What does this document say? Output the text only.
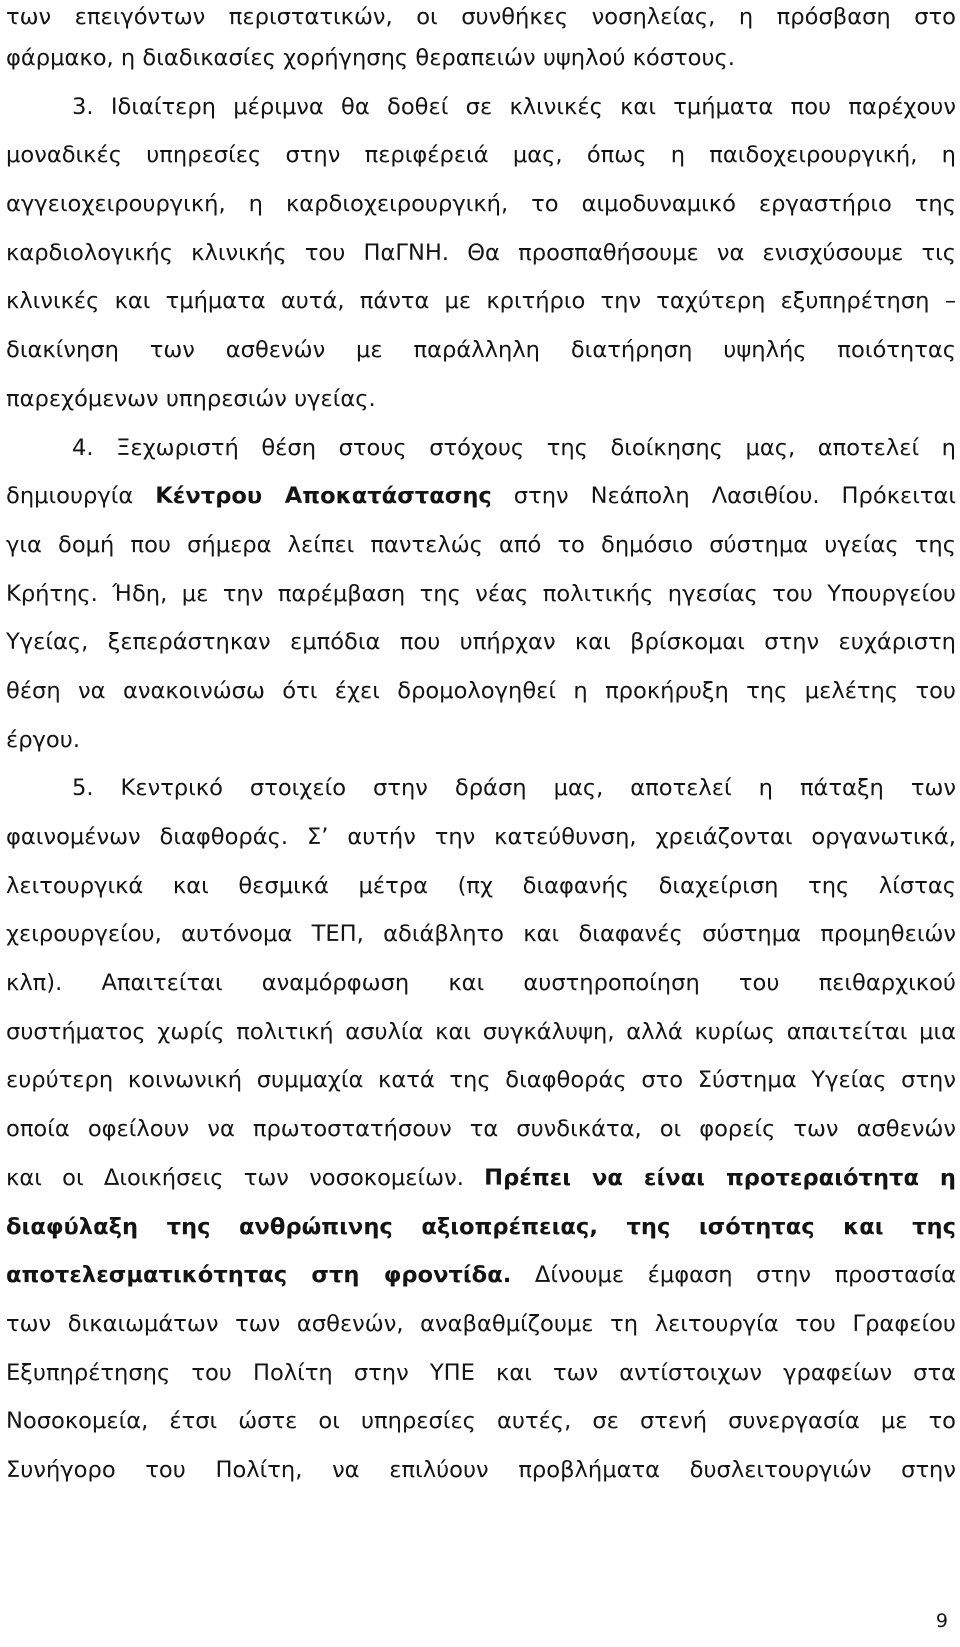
των επειγόντων περιστατικών, οι συνθήκες νοσηλείας, η πρόσβαση στο
φάρμακο, η διαδικασίες χορήγησης θεραπειών υψηλού κόστους.
3. Ιδιαίτερη μέριμνα θα δοθεί σε κλινικές και τμήματα που παρέχουν
μοναδικές υπηρεσίες στην περιφέρειά μας, όπως η παιδοχειρουργική, η
αγγειοχειρουργική, η καρδιοχειρουργική, το αιμοδυναμικό εργαστήριο της
καρδιολογικής κλινικής του ΠαΓΝΗ. Θα προσπαθήσουμε να ενισχύσουμε τις
κλινικές και τμήματα αυτά, πάντα με κριτήριο την ταχύτερη εξυπηρέτηση –
διακίνηση των ασθενών με παράλληλη διατήρηση υψηλής ποιότητας
παρεχόμενων υπηρεσιών υγείας.
4. Ξεχωριστή θέση στους στόχους της διοίκησης μας, αποτελεί η
δημιουργία Κέντρου Αποκατάστασης στην Νεάπολη Λασιθίου. Πρόκειται
για δομή που σήμερα λείπει παντελώς από το δημόσιο σύστημα υγείας της
Κρήτης. Ήδη, με την παρέμβαση της νέας πολιτικής ηγεσίας του Υπουργείου
Υγείας, ξεπεράστηκαν εμπόδια που υπήρχαν και βρίσκομαι στην ευχάριστη
θέση να ανακοινώσω ότι έχει δρομολογηθεί η προκήρυξη της μελέτης του
έργου.
5. Κεντρικό στοιχείο στην δράση μας, αποτελεί η πάταξη των
φαινομένων διαφθοράς. Σ’ αυτήν την κατεύθυνση, χρειάζονται οργανωτικά,
λειτουργικά και θεσμικά μέτρα (πχ διαφανής διαχείριση της λίστας
χειρουργείου, αυτόνομα ΤΕΠ, αδιάβλητο και διαφανές σύστημα προμηθειών
κλπ). Απαιτείται αναμόρφωση και αυστηροποίηση του πειθαρχικού
συστήματος χωρίς πολιτική ασυλία και συγκάλυψη, αλλά κυρίως απαιτείται μια
ευρύτερη κοινωνική συμμαχία κατά της διαφθοράς στο Σύστημα Υγείας στην
οποία οφείλουν να πρωτοστατήσουν τα συνδικάτα, οι φορείς των ασθενών
και οι Διοικήσεις των νοσοκομείων. Πρέπει να είναι προτεραιότητα η
διαφύλαξη της ανθρώπινης αξιοπρέπειας, της ισότητας και της
αποτελεσματικότητας στη φροντίδα. Δίνουμε έμφαση στην προστασία
των δικαιωμάτων των ασθενών, αναβαθμίζουμε τη λειτουργία του Γραφείου
Εξυπηρέτησης του Πολίτη στην ΥΠΕ και των αντίστοιχων γραφείων στα
Νοσοκομεία, έτσι ώστε οι υπηρεσίες αυτές, σε στενή συνεργασία με το
Συνήγορο του Πολίτη, να επιλύουν προβλήματα δυσλειτουργιών στην
9
